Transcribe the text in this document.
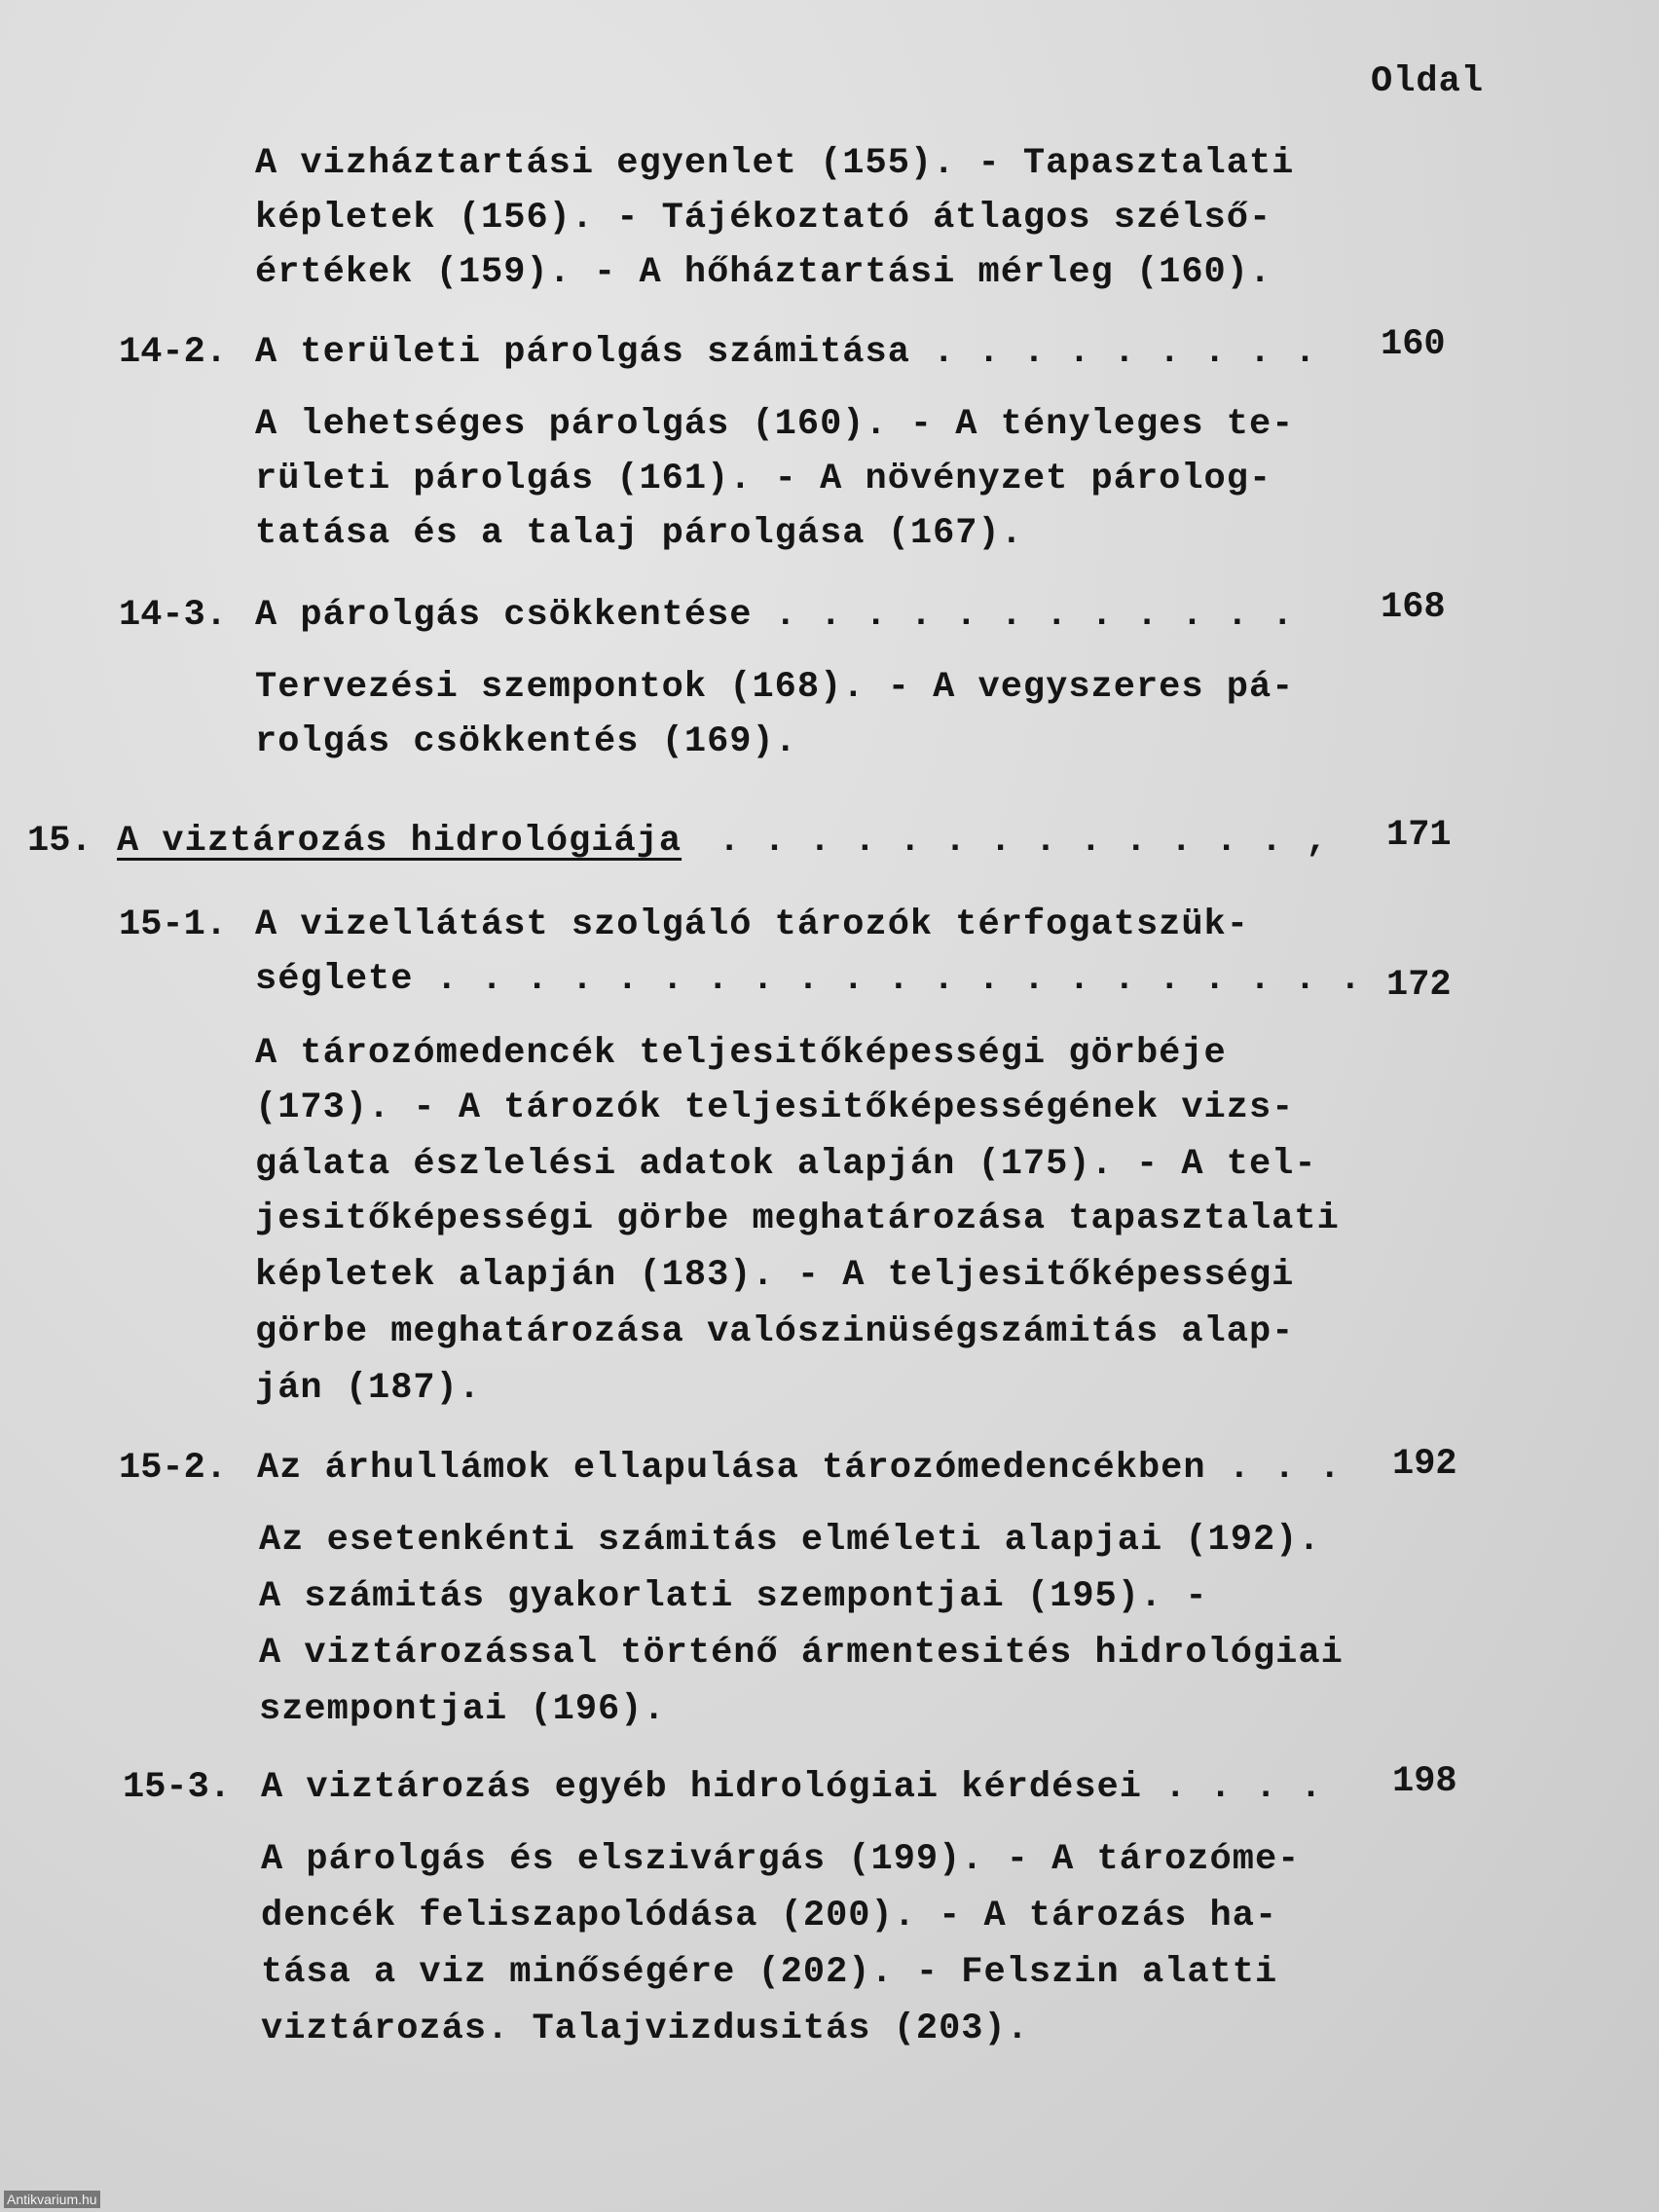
Oldal
A vizháztartási egyenlet (155). - Tapasztalati
képletek (156). - Tájékoztató átlagos szélső-
értékek (159). - A hőháztartási mérleg (160).
14-2. A területi párolgás számitása . . . . . . . . . 160
A lehetséges párolgás (160). - A tényleges te-
rületi párolgás (161). - A növényzet párolog-
tatása és a talaj párolgása (167).
14-3. A párolgás csökkentése . . . . . . . . . . . . 168
Tervezési szempontok (168). - A vegyszeres pá-
rolgás csökkentés (169).
15. A viztározás hidrológiája . . . . . . . . . . . . . , 171
15-1. A vizellátást szolgáló tározók térfogatszük-
séglete . . . . . . . . . . . . . . . . . . . . . 172
A tározómedencék teljesitőképességi görbéje
(173). - A tározók teljesitőképességének vizs-
gálata észlelési adatok alapján (175). - A tel-
jesitőképességi görbe meghatározása tapasztalati
képletek alapján (183). - A teljesitőképességi
görbe meghatározása valószinüségszámitás alap-
ján (187).
15-2. Az árhullámok ellapulása tározómedencékben . . . 192
Az esetenkénti számitás elméleti alapjai (192).
A számitás gyakorlati szempontjai (195). -
A viztározással történő ármentesités hidrológiai
szempontjai (196).
15-3. A viztározás egyéb hidrológiai kérdései . . . . 198
A párolgás és elszivárgás (199). - A tározóme-
dencék feliszapolódása (200). - A tározás ha-
tása a viz minőségére (202). - Felszin alatti
viztározás. Talajvizdusitás (203).
Antikvarium.hu
